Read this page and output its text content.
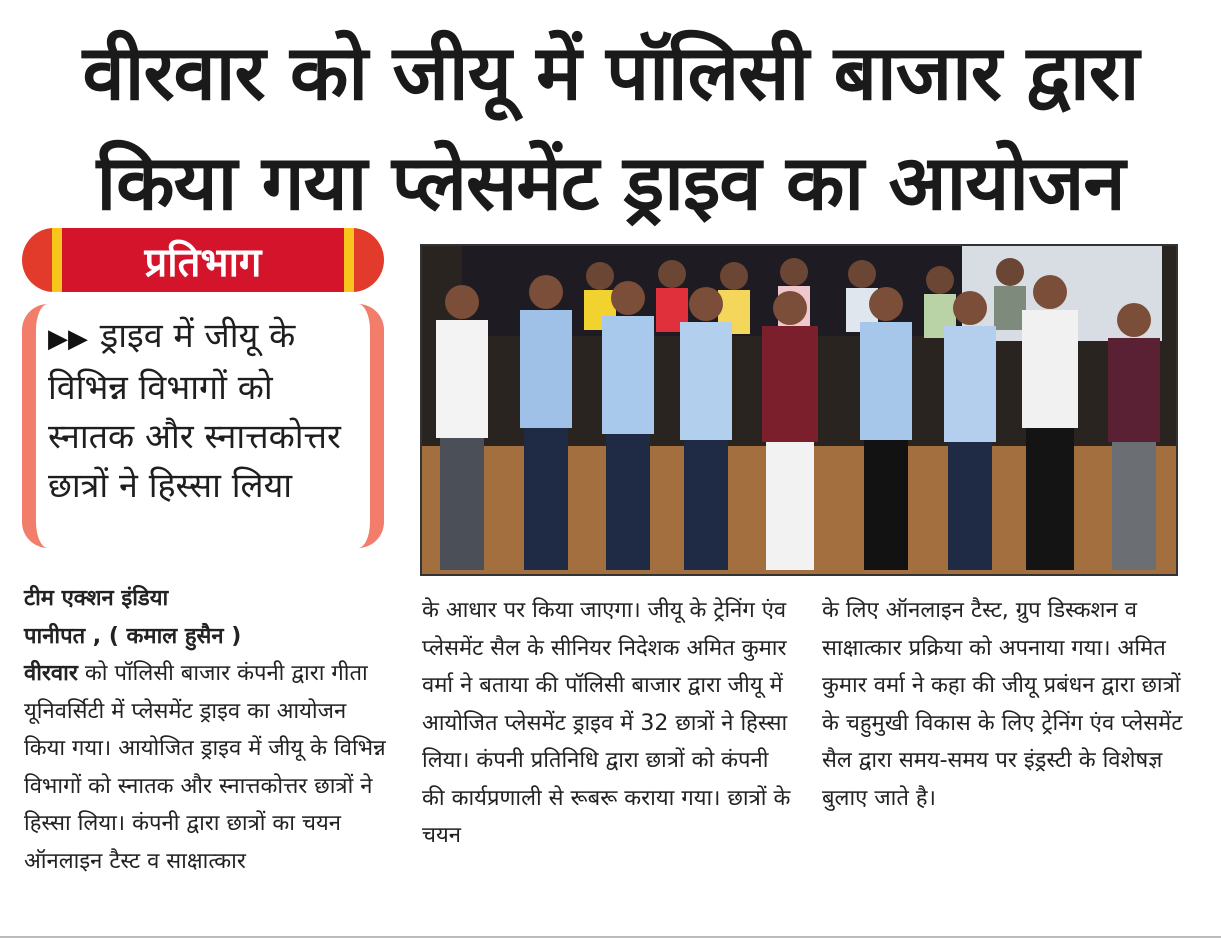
वीरवार को जीयू में पॉलिसी बाजार द्वारा
किया गया प्लेसमेंट ड्राइव का आयोजन
प्रतिभाग
▶▶ ड्राइव में जीयू के विभिन्न विभागों को स्नातक और स्नात्तकोत्तर छात्रों ने हिस्सा लिया
टीम एक्शन इंडिया
पानीपत , ( कमाल हुसैन )
वीरवार को पॉलिसी बाजार कंपनी द्वारा गीता यूनिवर्सिटी में प्लेसमेंट ड्राइव का आयोजन किया गया। आयोजित ड्राइव में जीयू के विभिन्न विभागों को स्नातक और स्नात्तकोत्तर छात्रों ने हिस्सा लिया। कंपनी द्वारा छात्रों का चयन ऑनलाइन टैस्ट व साक्षात्कार
के आधार पर किया जाएगा। जीयू के ट्रेनिंग एंव प्लेसमेंट सैल के सीनियर निदेशक अमित कुमार वर्मा ने बताया की पॉलिसी बाजार द्वारा जीयू में आयोजित प्लेसमेंट ड्राइव में 32 छात्रों ने हिस्सा लिया। कंपनी प्रतिनिधि द्वारा छात्रों को कंपनी की कार्यप्रणाली से रूबरू कराया गया। छात्रों के चयन
के लिए ऑनलाइन टैस्ट, ग्रुप डिस्कशन व साक्षात्कार प्रक्रिया को अपनाया गया। अमित कुमार वर्मा ने कहा की जीयू प्रबंधन द्वारा छात्रों के चहुमुखी विकास के लिए ट्रेनिंग एंव प्लेसमेंट सैल द्वारा समय-समय पर इंड्रस्टी के विशेषज्ञ बुलाए जाते है।
